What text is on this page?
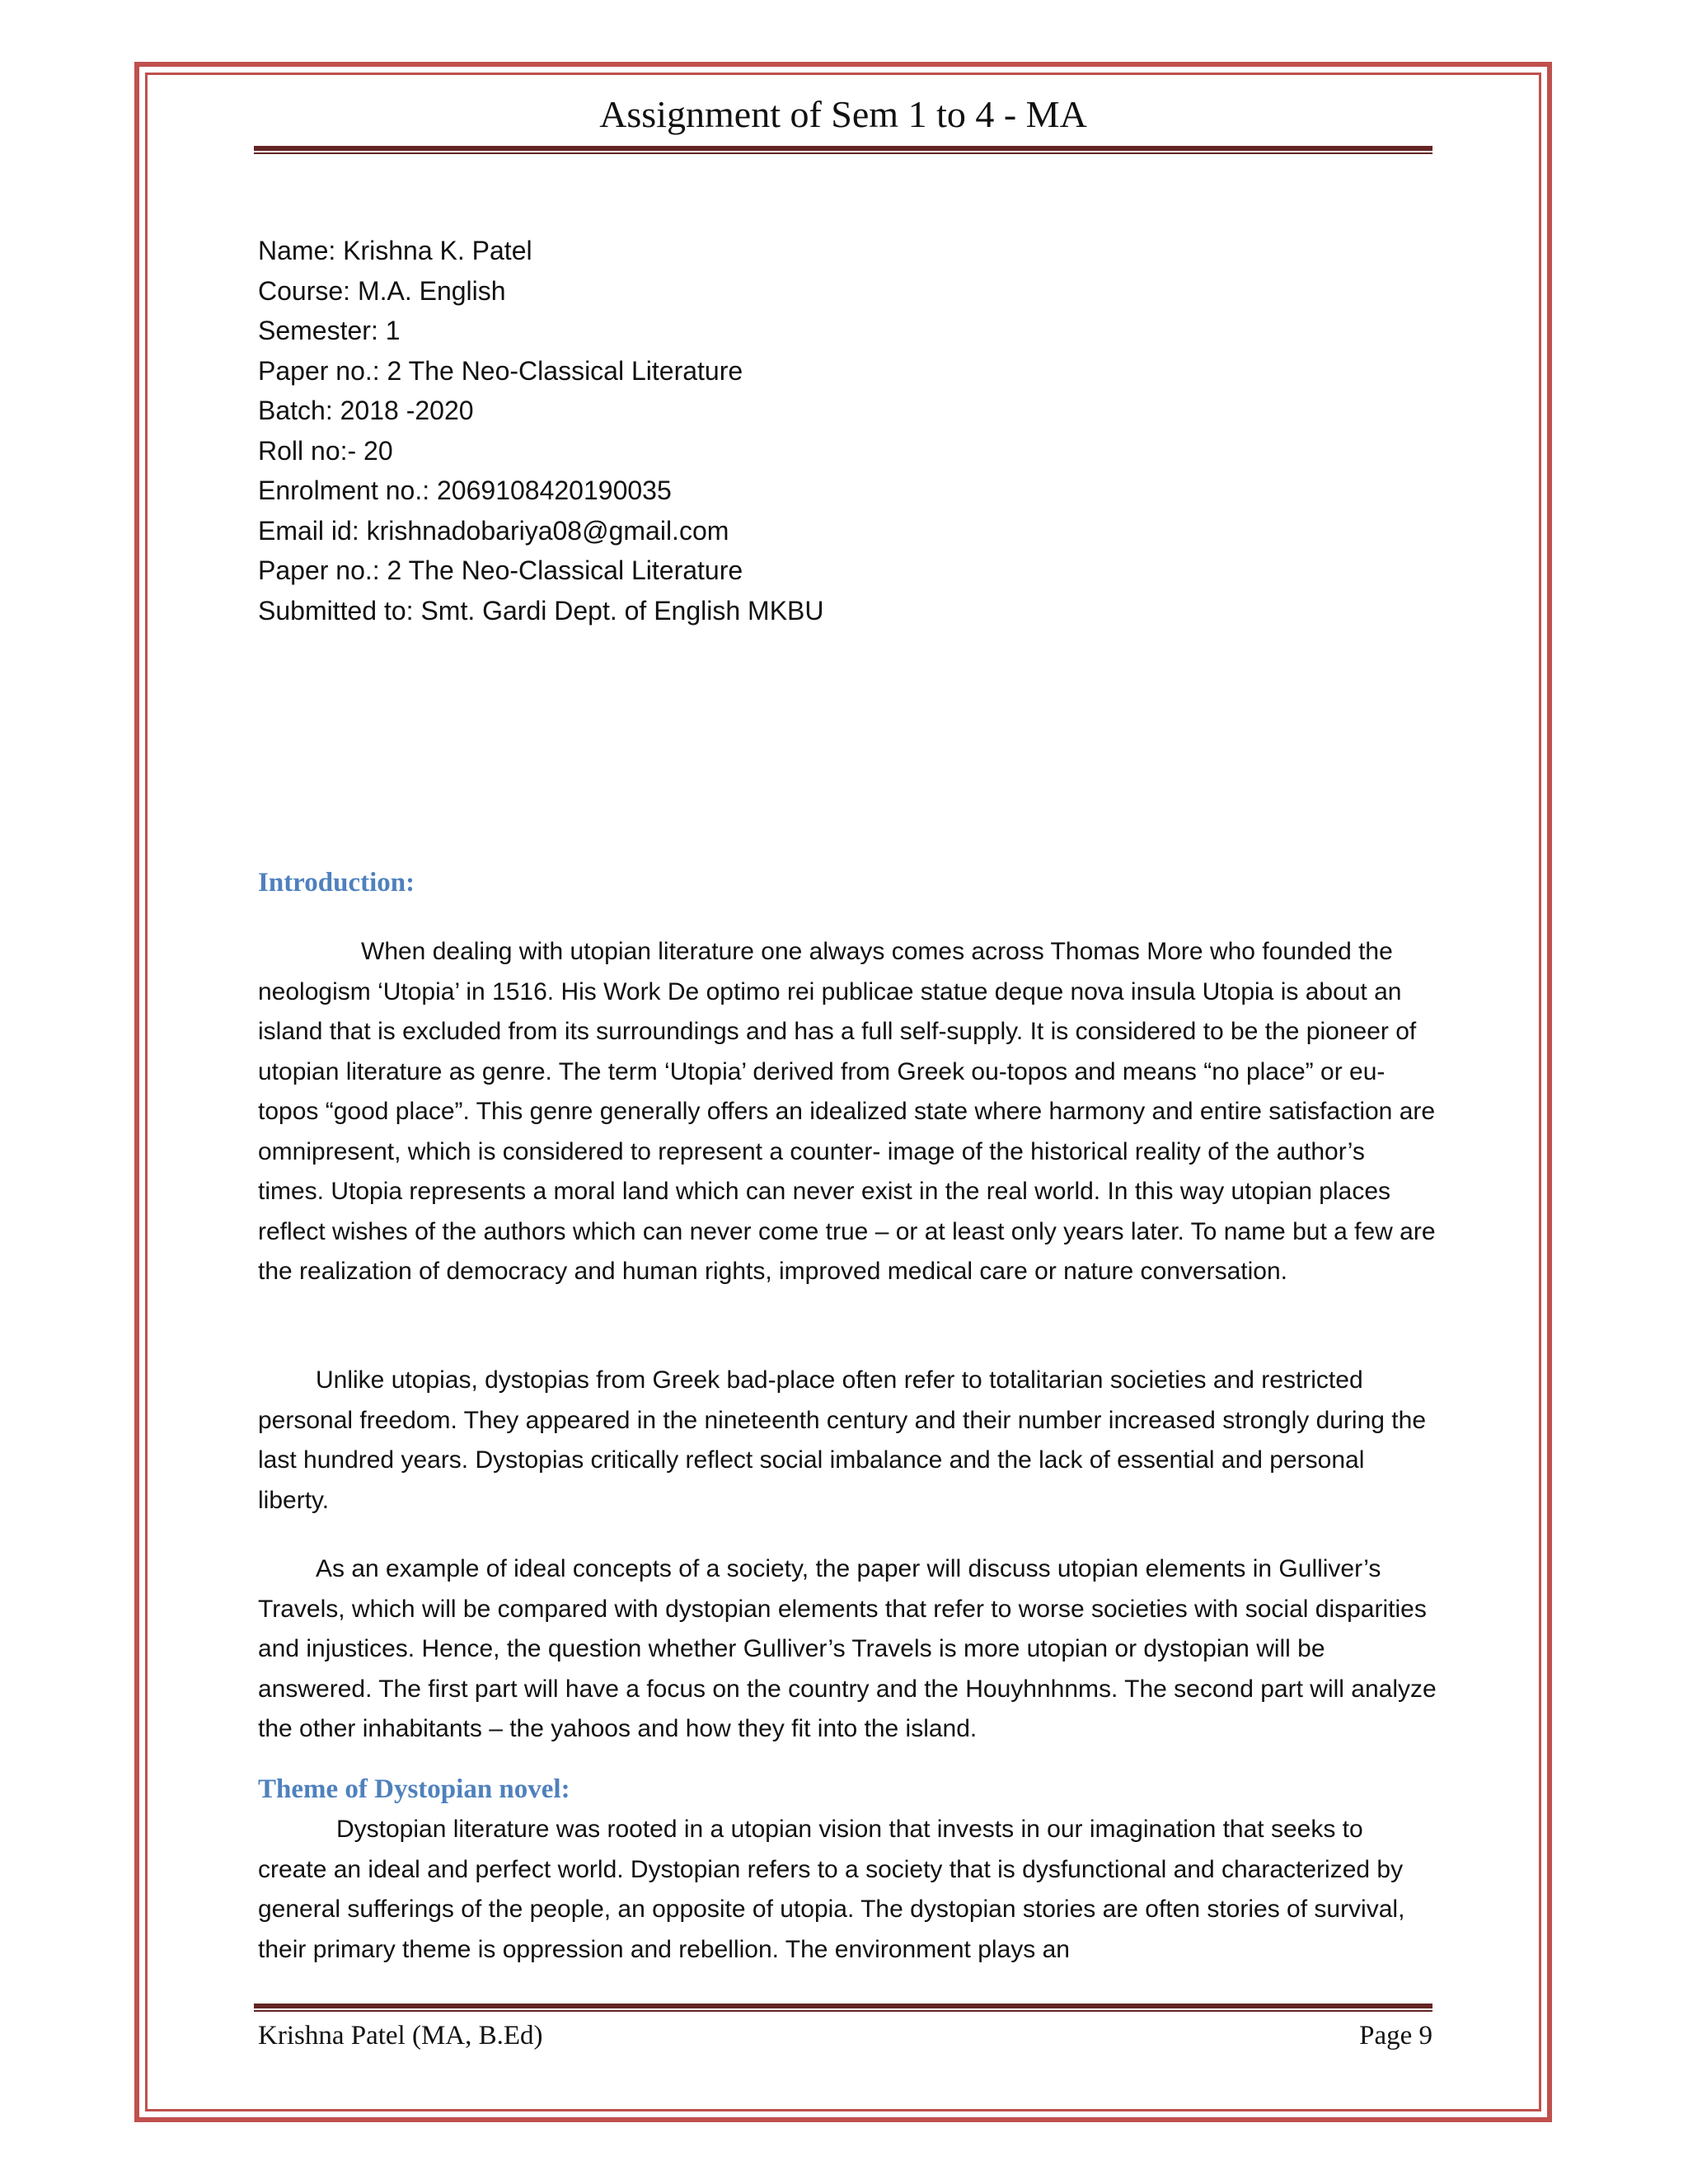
Assignment of Sem 1 to 4 - MA
Name: Krishna K. Patel
Course: M.A. English
Semester: 1
Paper no.: 2 The Neo-Classical Literature
Batch: 2018 -2020
Roll no:- 20
Enrolment no.: 2069108420190035
Email id: krishnadobariya08@gmail.com
Paper no.: 2 The Neo-Classical Literature
Submitted to: Smt. Gardi Dept. of English MKBU
Introduction:

When dealing with utopian literature one always comes across Thomas More who founded the neologism ‘Utopia’ in 1516. His Work De optimo rei publicae statue deque nova insula Utopia is about an island that is excluded from its surroundings and has a full self-supply. It is considered to be the pioneer of utopian literature as genre. The term ‘Utopia’ derived from Greek ou-topos and means “no place” or eu-topos “good place”. This genre generally offers an idealized state where harmony and entire satisfaction are omnipresent, which is considered to represent a counter- image of the historical reality of the author’s times. Utopia represents a moral land which can never exist in the real world. In this way utopian places reflect wishes of the authors which can never come true – or at least only years later. To name but a few are the realization of democracy and human rights, improved medical care or nature conversation.

Unlike utopias, dystopias from Greek bad-place often refer to totalitarian societies and restricted personal freedom. They appeared in the nineteenth century and their number increased strongly during the last hundred years. Dystopias critically reflect social imbalance and the lack of essential and personal liberty.

As an example of ideal concepts of a society, the paper will discuss utopian elements in Gulliver’s Travels, which will be compared with dystopian elements that refer to worse societies with social disparities and injustices. Hence, the question whether Gulliver’s Travels is more utopian or dystopian will be answered. The first part will have a focus on the country and the Houyhnhnms. The second part will analyze the other inhabitants – the yahoos and how they fit into the island.

Theme of Dystopian novel:

Dystopian literature was rooted in a utopian vision that invests in our imagination that seeks to create an ideal and perfect world. Dystopian refers to a society that is dysfunctional and characterized by general sufferings of the people, an opposite of utopia. The dystopian stories are often stories of survival, their primary theme is oppression and rebellion. The environment plays an

Krishna Patel (MA, B.Ed)	Page 9
